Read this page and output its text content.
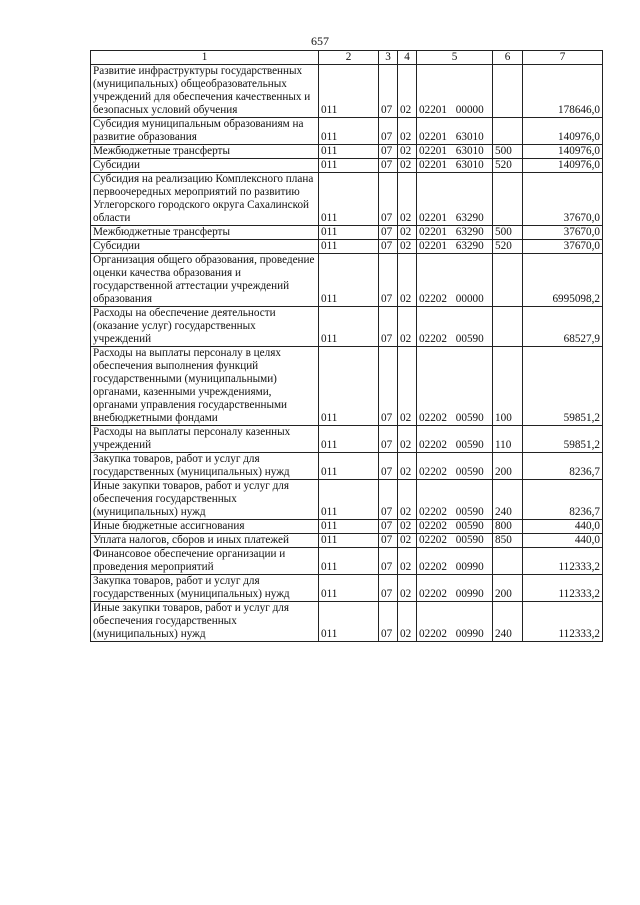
657
1	2	3	4	5	6	7
Развитие инфраструктуры государственных (муниципальных) общеобразовательных учреждений для обеспечения качественных и безопасных условий обучения	011	07	02	02201 00000		178646,0
Субсидия муниципальным образованиям на развитие образования	011	07	02	02201 63010		140976,0
Межбюджетные трансферты	011	07	02	02201 63010	500	140976,0
Субсидии	011	07	02	02201 63010	520	140976,0
Субсидия на реализацию Комплексного плана первоочередных мероприятий по развитию Углегорского городского округа Сахалинской области	011	07	02	02201 63290		37670,0
Межбюджетные трансферты	011	07	02	02201 63290	500	37670,0
Субсидии	011	07	02	02201 63290	520	37670,0
Организация общего образования, проведение оценки качества образования и государственной аттестации учреждений образования	011	07	02	02202 00000		6995098,2
Расходы на обеспечение деятельности (оказание услуг) государственных учреждений	011	07	02	02202 00590		68527,9
Расходы на выплаты персоналу в целях обеспечения выполнения функций государственными (муниципальными) органами, казенными учреждениями, органами управления государственными внебюджетными фондами	011	07	02	02202 00590	100	59851,2
Расходы на выплаты персоналу казенных учреждений	011	07	02	02202 00590	110	59851,2
Закупка товаров, работ и услуг для государственных (муниципальных) нужд	011	07	02	02202 00590	200	8236,7
Иные закупки товаров, работ и услуг для обеспечения государственных (муниципальных) нужд	011	07	02	02202 00590	240	8236,7
Иные бюджетные ассигнования	011	07	02	02202 00590	800	440,0
Уплата налогов, сборов и иных платежей	011	07	02	02202 00590	850	440,0
Финансовое обеспечение организации и проведения мероприятий	011	07	02	02202 00990		112333,2
Закупка товаров, работ и услуг для государственных (муниципальных) нужд	011	07	02	02202 00990	200	112333,2
Иные закупки товаров, работ и услуг для обеспечения государственных (муниципальных) нужд	011	07	02	02202 00990	240	112333,2
